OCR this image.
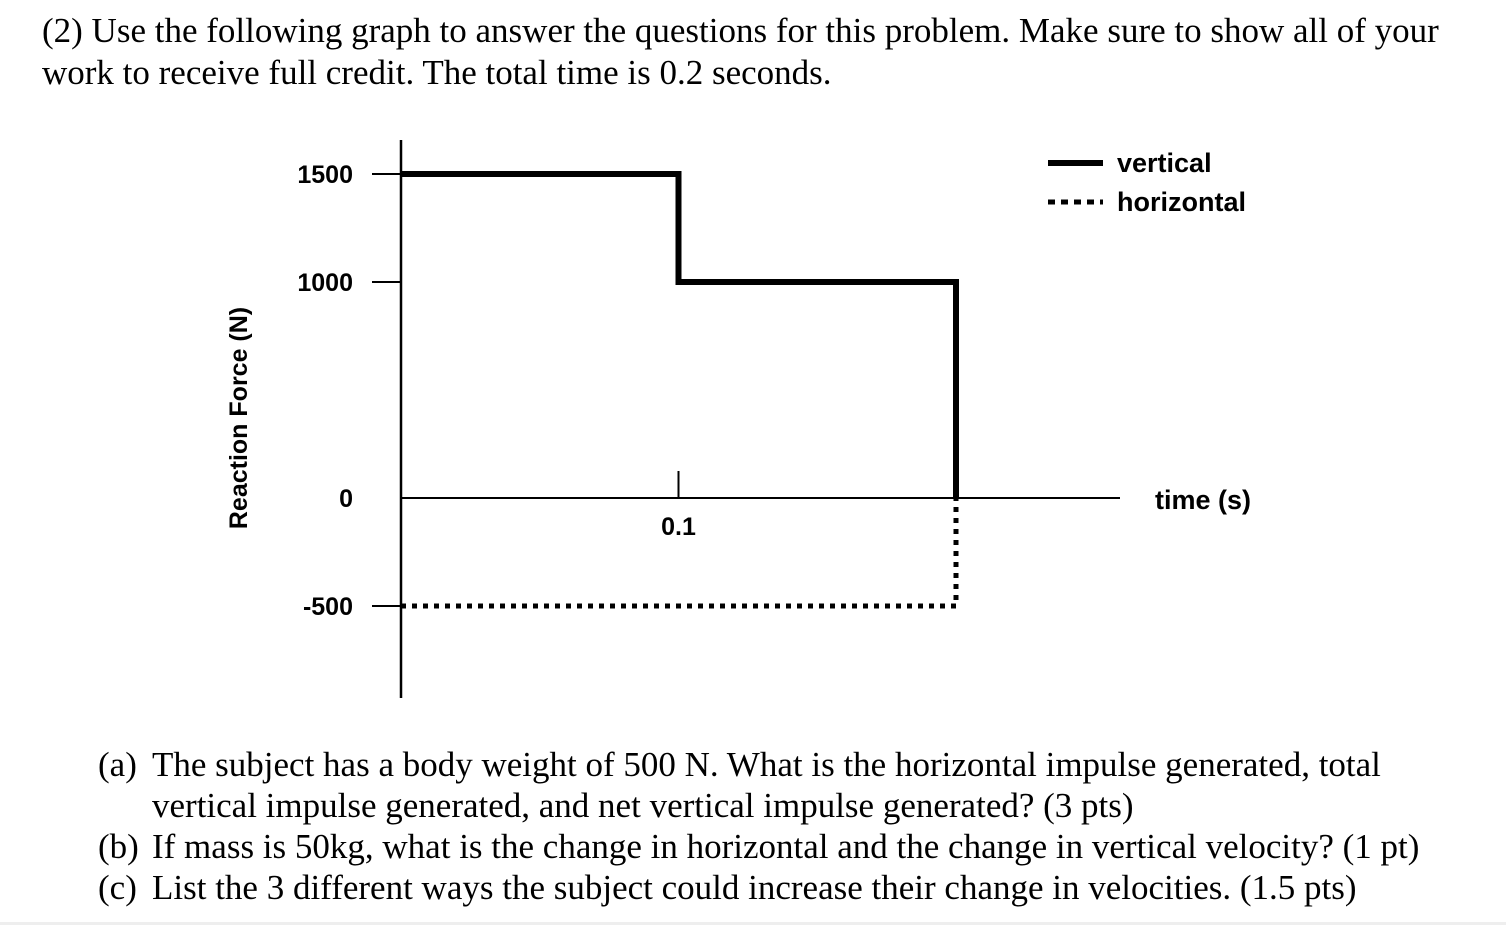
(2) Use the following graph to answer the questions for this problem. Make sure to show all of your work to receive full credit. The total time is 0.2 seconds.

1500
1000
0
-500
0.1
vertical
horizontal
Reaction Force (N)	time (s)
(a) The subject has a body weight of 500 N. What is the horizontal impulse generated, total vertical impulse generated, and net vertical impulse generated? (3 pts)
(b) If mass is 50kg, what is the change in horizontal and the change in vertical velocity? (1 pt)
(c) List the 3 different ways the subject could increase their change in velocities. (1.5 pts)
